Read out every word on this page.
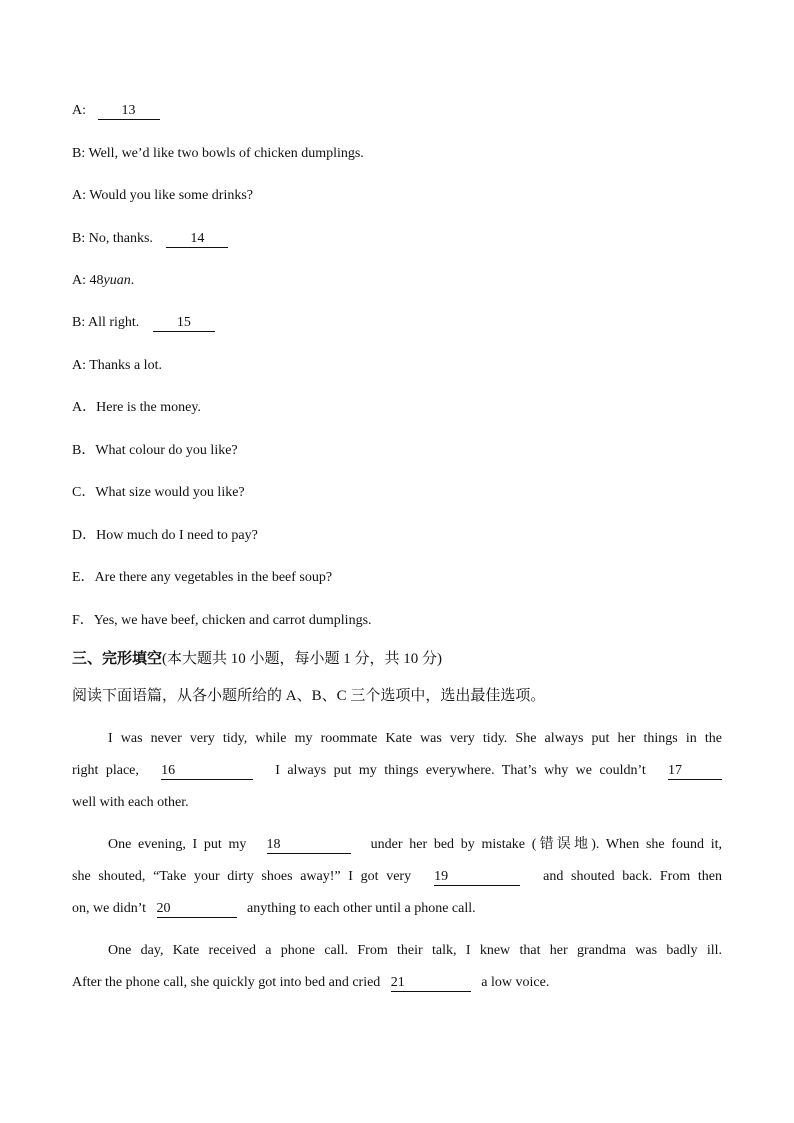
A:	13
B: Well, we’d like two bowls of chicken dumplings.
A: Would you like some drinks?
B: No, thanks.	14
A: 48yuan.
B: All right.	15
A: Thanks a lot.
A．Here is the money.
B．What colour do you like?
C．What size would you like?
D．How much do I need to pay?
E．Are there any vegetables in the beef soup?
F．Yes, we have beef, chicken and carrot dumplings.
三、完形填空(本大题共 10 小题，每小题 1 分，共 10 分)
阅读下面语篇，从各小题所给的 A、B、C 三个选项中，选出最佳选项。
I was never very tidy, while my roommate Kate was very tidy. She always put her things in the
right place, 16	I always put my things everywhere. That’s why we couldn’t 17
well with each other.
One evening, I put my 18	under her bed by mistake (错误地). When she found it,
she shouted, “Take your dirty shoes away!” I got very 19	and shouted back. From then
on, we didn’t 20	anything to each other until a phone call.
One day, Kate received a phone call. From their talk, I knew that her grandma was badly ill.
After the phone call, she quickly got into bed and cried 21	a low voice.
